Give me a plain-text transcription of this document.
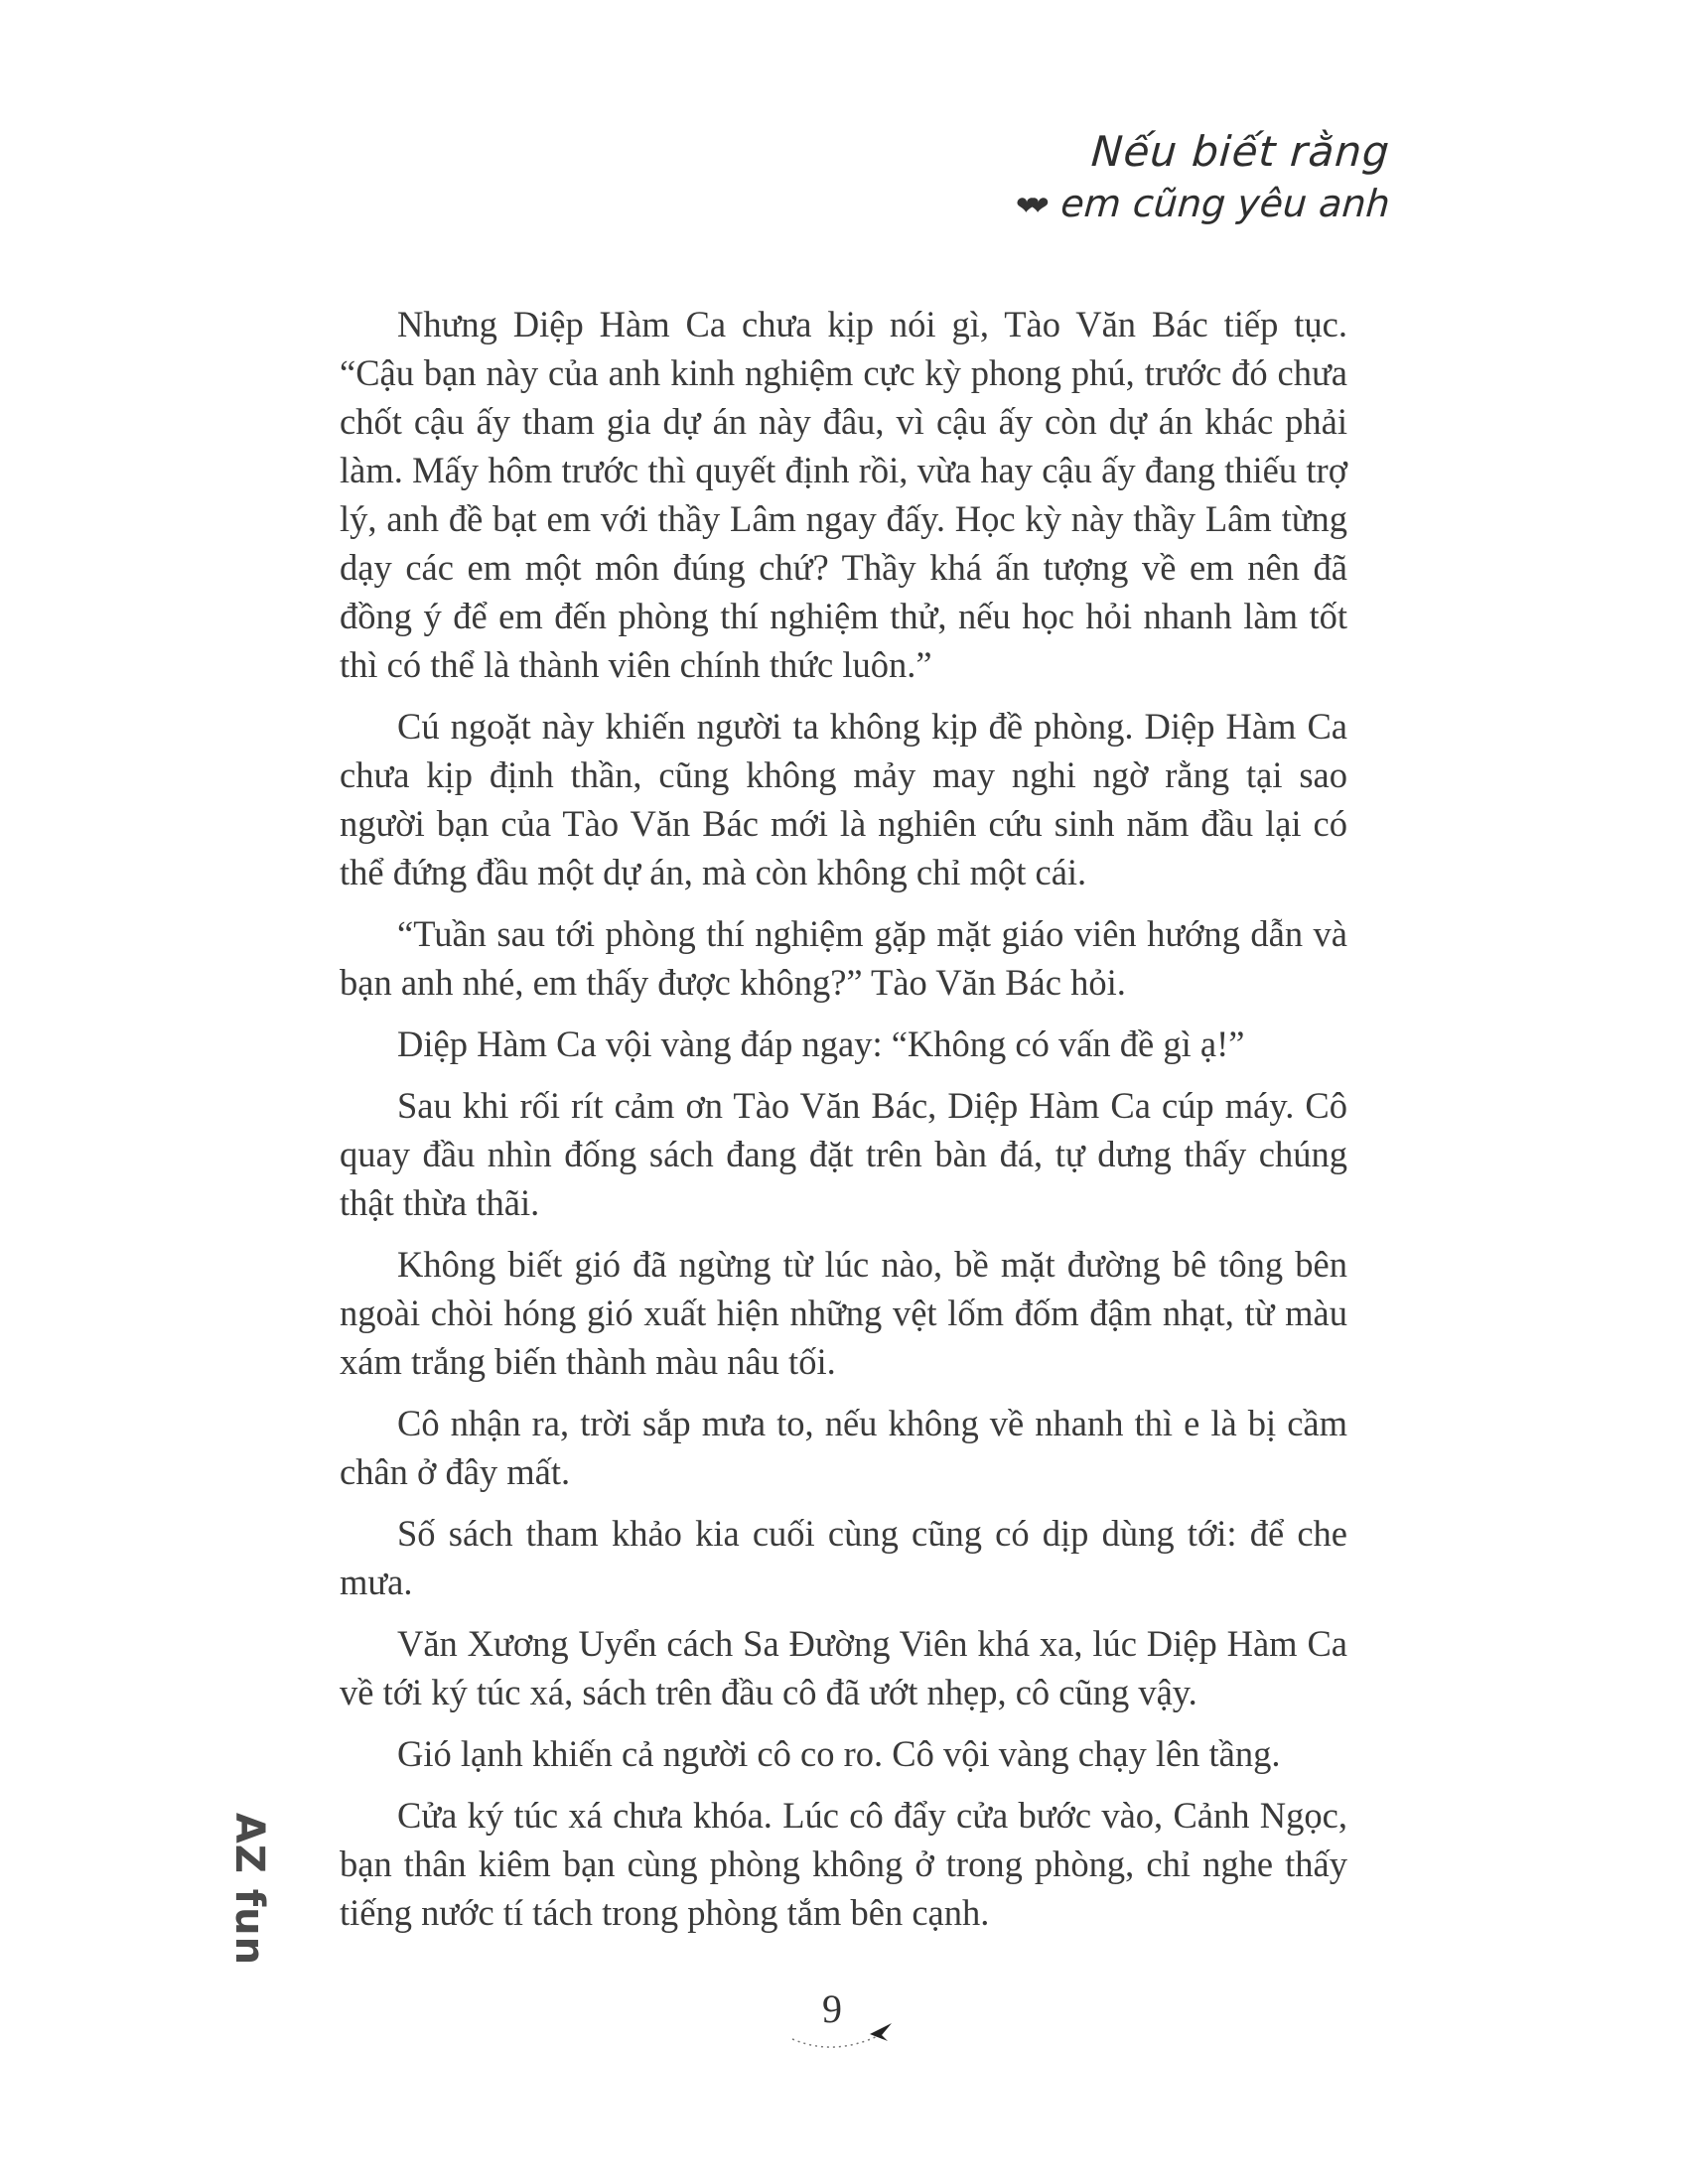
Nếu biết rằng
❤❤ em cũng yêu anh

Nhưng Diệp Hàm Ca chưa kịp nói gì, Tào Văn Bác tiếp tục. “Cậu bạn này của anh kinh nghiệm cực kỳ phong phú, trước đó chưa chốt cậu ấy tham gia dự án này đâu, vì cậu ấy còn dự án khác phải làm. Mấy hôm trước thì quyết định rồi, vừa hay cậu ấy đang thiếu trợ lý, anh đề bạt em với thầy Lâm ngay đấy. Học kỳ này thầy Lâm từng dạy các em một môn đúng chứ? Thầy khá ấn tượng về em nên đã đồng ý để em đến phòng thí nghiệm thử, nếu học hỏi nhanh làm tốt thì có thể là thành viên chính thức luôn.”

Cú ngoặt này khiến người ta không kịp đề phòng. Diệp Hàm Ca chưa kịp định thần, cũng không mảy may nghi ngờ rằng tại sao người bạn của Tào Văn Bác mới là nghiên cứu sinh năm đầu lại có thể đứng đầu một dự án, mà còn không chỉ một cái.

“Tuần sau tới phòng thí nghiệm gặp mặt giáo viên hướng dẫn và bạn anh nhé, em thấy được không?” Tào Văn Bác hỏi.

Diệp Hàm Ca vội vàng đáp ngay: “Không có vấn đề gì ạ!”

Sau khi rối rít cảm ơn Tào Văn Bác, Diệp Hàm Ca cúp máy. Cô quay đầu nhìn đống sách đang đặt trên bàn đá, tự dưng thấy chúng thật thừa thãi.

Không biết gió đã ngừng từ lúc nào, bề mặt đường bê tông bên ngoài chòi hóng gió xuất hiện những vệt lốm đốm đậm nhạt, từ màu xám trắng biến thành màu nâu tối.

Cô nhận ra, trời sắp mưa to, nếu không về nhanh thì e là bị cầm chân ở đây mất.

Số sách tham khảo kia cuối cùng cũng có dịp dùng tới: để che mưa.

Văn Xương Uyển cách Sa Đường Viên khá xa, lúc Diệp Hàm Ca về tới ký túc xá, sách trên đầu cô đã ướt nhẹp, cô cũng vậy.

Gió lạnh khiến cả người cô co ro. Cô vội vàng chạy lên tầng.

Cửa ký túc xá chưa khóa. Lúc cô đẩy cửa bước vào, Cảnh Ngọc, bạn thân kiêm bạn cùng phòng không ở trong phòng, chỉ nghe thấy tiếng nước tí tách trong phòng tắm bên cạnh.

AZ fun
9
